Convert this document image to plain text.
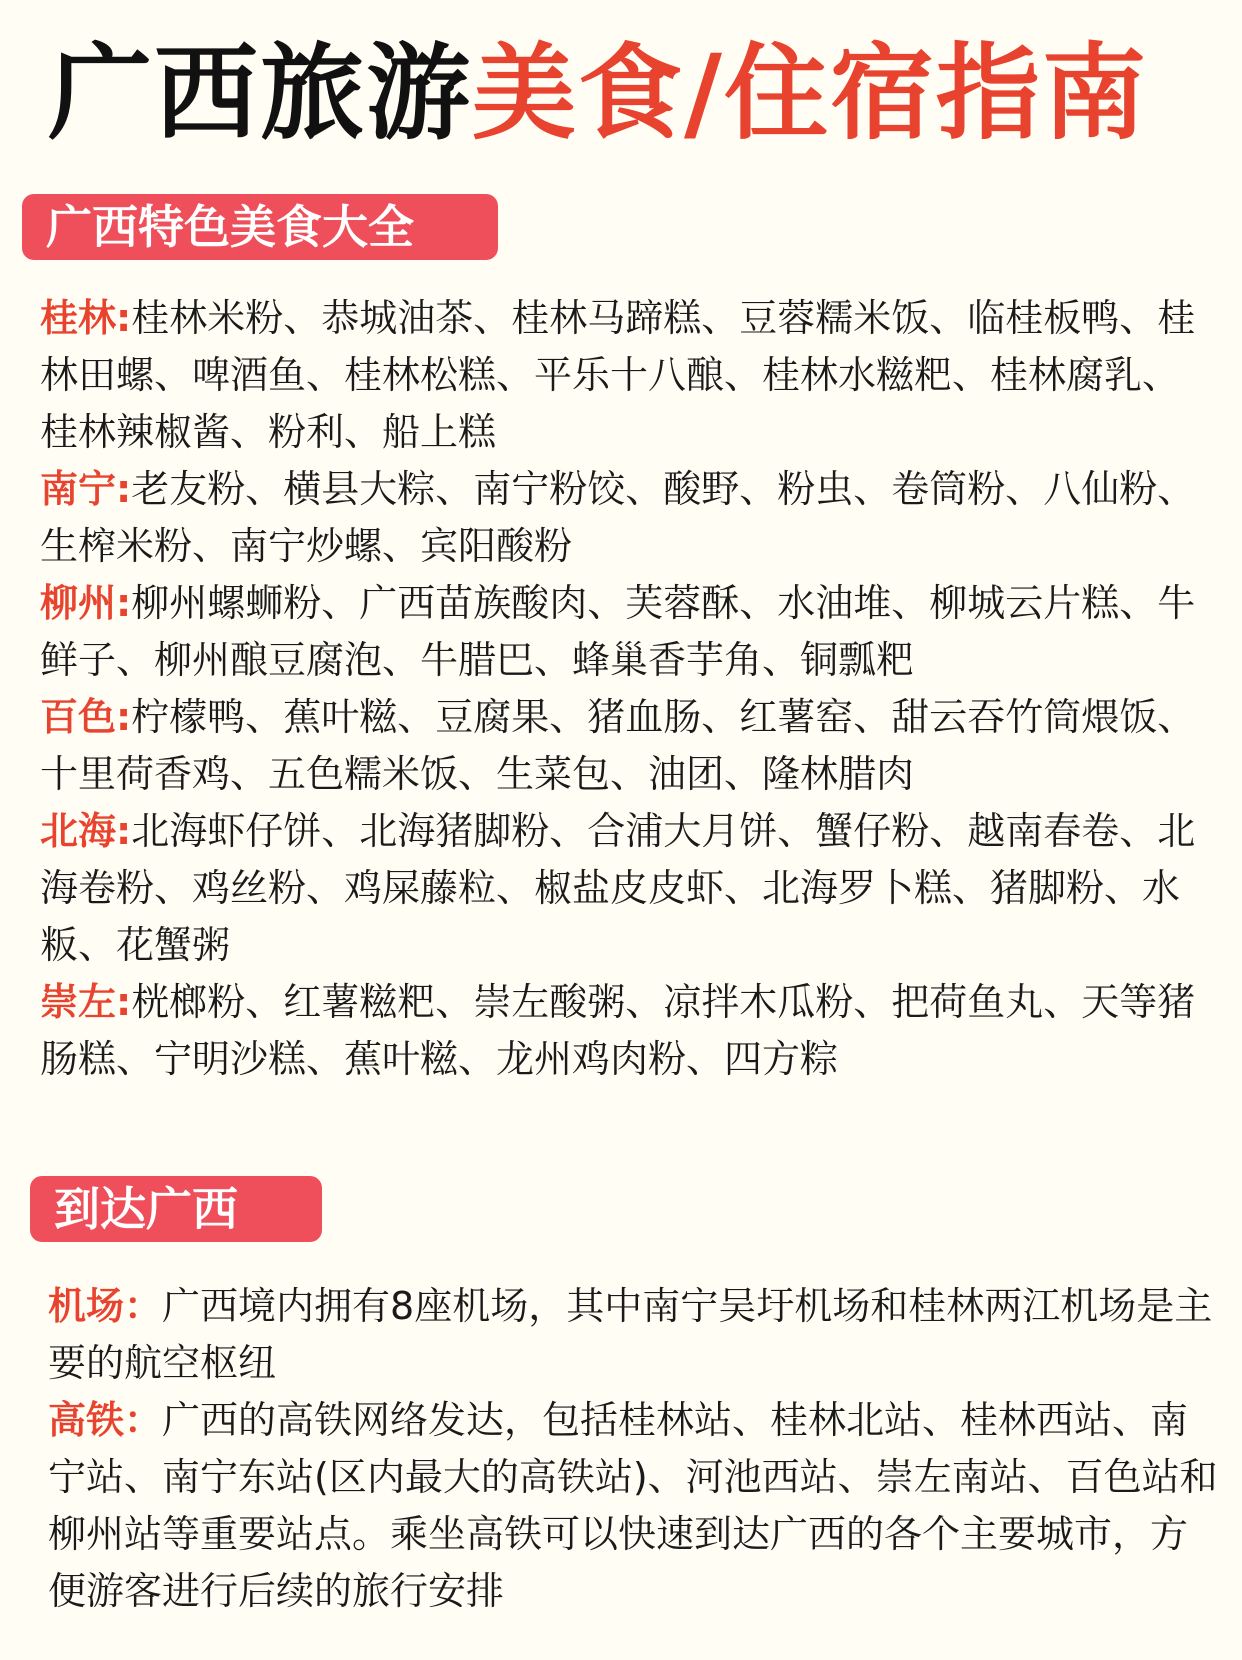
广西旅游美食/住宿指南
广西特色美食大全

桂林:桂林米粉、恭城油茶、桂林马蹄糕、豆蓉糯米饭、临桂板鸭、桂林田螺、啤酒鱼、桂林松糕、平乐十八酿、桂林水糍粑、桂林腐乳、桂林辣椒酱、粉利、船上糕

南宁:老友粉、横县大粽、南宁粉饺、酸野、粉虫、卷筒粉、八仙粉、生榨米粉、南宁炒螺、宾阳酸粉

柳州:柳州螺蛳粉、广西苗族酸肉、芙蓉酥、水油堆、柳城云片糕、牛鲜子、柳州酿豆腐泡、牛腊巴、蜂巢香芋角、铜瓢粑

百色:柠檬鸭、蕉叶糍、豆腐果、猪血肠、红薯窑、甜云吞竹筒煨饭、十里荷香鸡、五色糯米饭、生菜包、油团、隆林腊肉

北海:北海虾仔饼、北海猪脚粉、合浦大月饼、蟹仔粉、越南春卷、北海卷粉、鸡丝粉、鸡屎藤粒、椒盐皮皮虾、北海罗卜糕、猪脚粉、水粄、花蟹粥

崇左:桄榔粉、红薯糍粑、崇左酸粥、凉拌木瓜粉、把荷鱼丸、天等猪肠糕、宁明沙糕、蕉叶糍、龙州鸡肉粉、四方粽

到达广西

机场：广西境内拥有8座机场，其中南宁吴圩机场和桂林两江机场是主要的航空枢纽

高铁：广西的高铁网络发达，包括桂林站、桂林北站、桂林西站、南宁站、南宁东站(区内最大的高铁站)、河池西站、崇左南站、百色站和柳州站等重要站点。乘坐高铁可以快速到达广西的各个主要城市，方便游客进行后续的旅行安排
